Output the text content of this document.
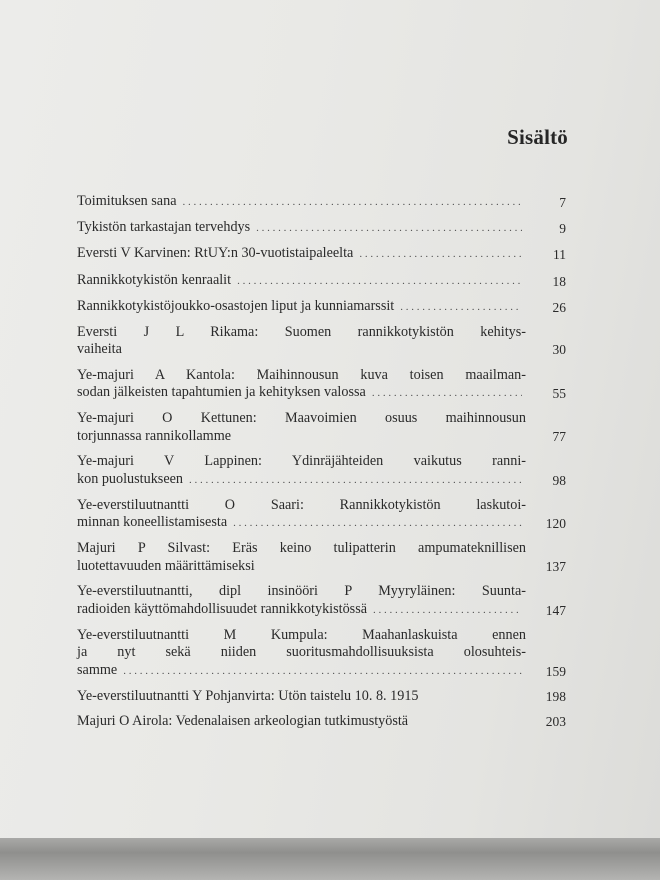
Sisältö
Toimituksen sana . . .	7
Tykistön tarkastajan tervehdys . . .	9
Eversti V Karvinen: RtUY:n 30-vuotistaipaleelta . . .	11
Rannikkotykistön kenraalit . . .	18
Rannikkotykistöjoukko-osastojen liput ja kunniamarssit . . .	26
Eversti J L Rikama: Suomen rannikkotykistön kehitys-
vaiheita	30
Ye-majuri A Kantola: Maihinnousun kuva toisen maailman-
sodan jälkeisten tapahtumien ja kehityksen valossa . . .	55
Ye-majuri O Kettunen: Maavoimien osuus maihinnousun
torjunnassa rannikollamme	77
Ye-majuri V Lappinen: Ydinräjähteiden vaikutus ranni-
kon puolustukseen . . .	98
Ye-everstiluutnantti O Saari: Rannikkotykistön laskutoi-
minnan koneellistamisesta . . .	120
Majuri P Silvast: Eräs keino tulipatterin ampumateknillisen
luotettavuuden määrittämiseksi	137
Ye-everstiluutnantti, dipl insinööri P Myyryläinen: Suunta-
radioiden käyttömahdollisuudet rannikkotykistössä . . .	147
Ye-everstiluutnantti M Kumpula: Maahanlaskuista ennen
ja nyt sekä niiden suoritusmahdollisuuksista olosuhteis-
samme . . .	159
Ye-everstiluutnantti Y Pohjanvirta: Utön taistelu 10. 8. 1915	198
Majuri O Airola: Vedenalaisen arkeologian tutkimustyöstä	203
